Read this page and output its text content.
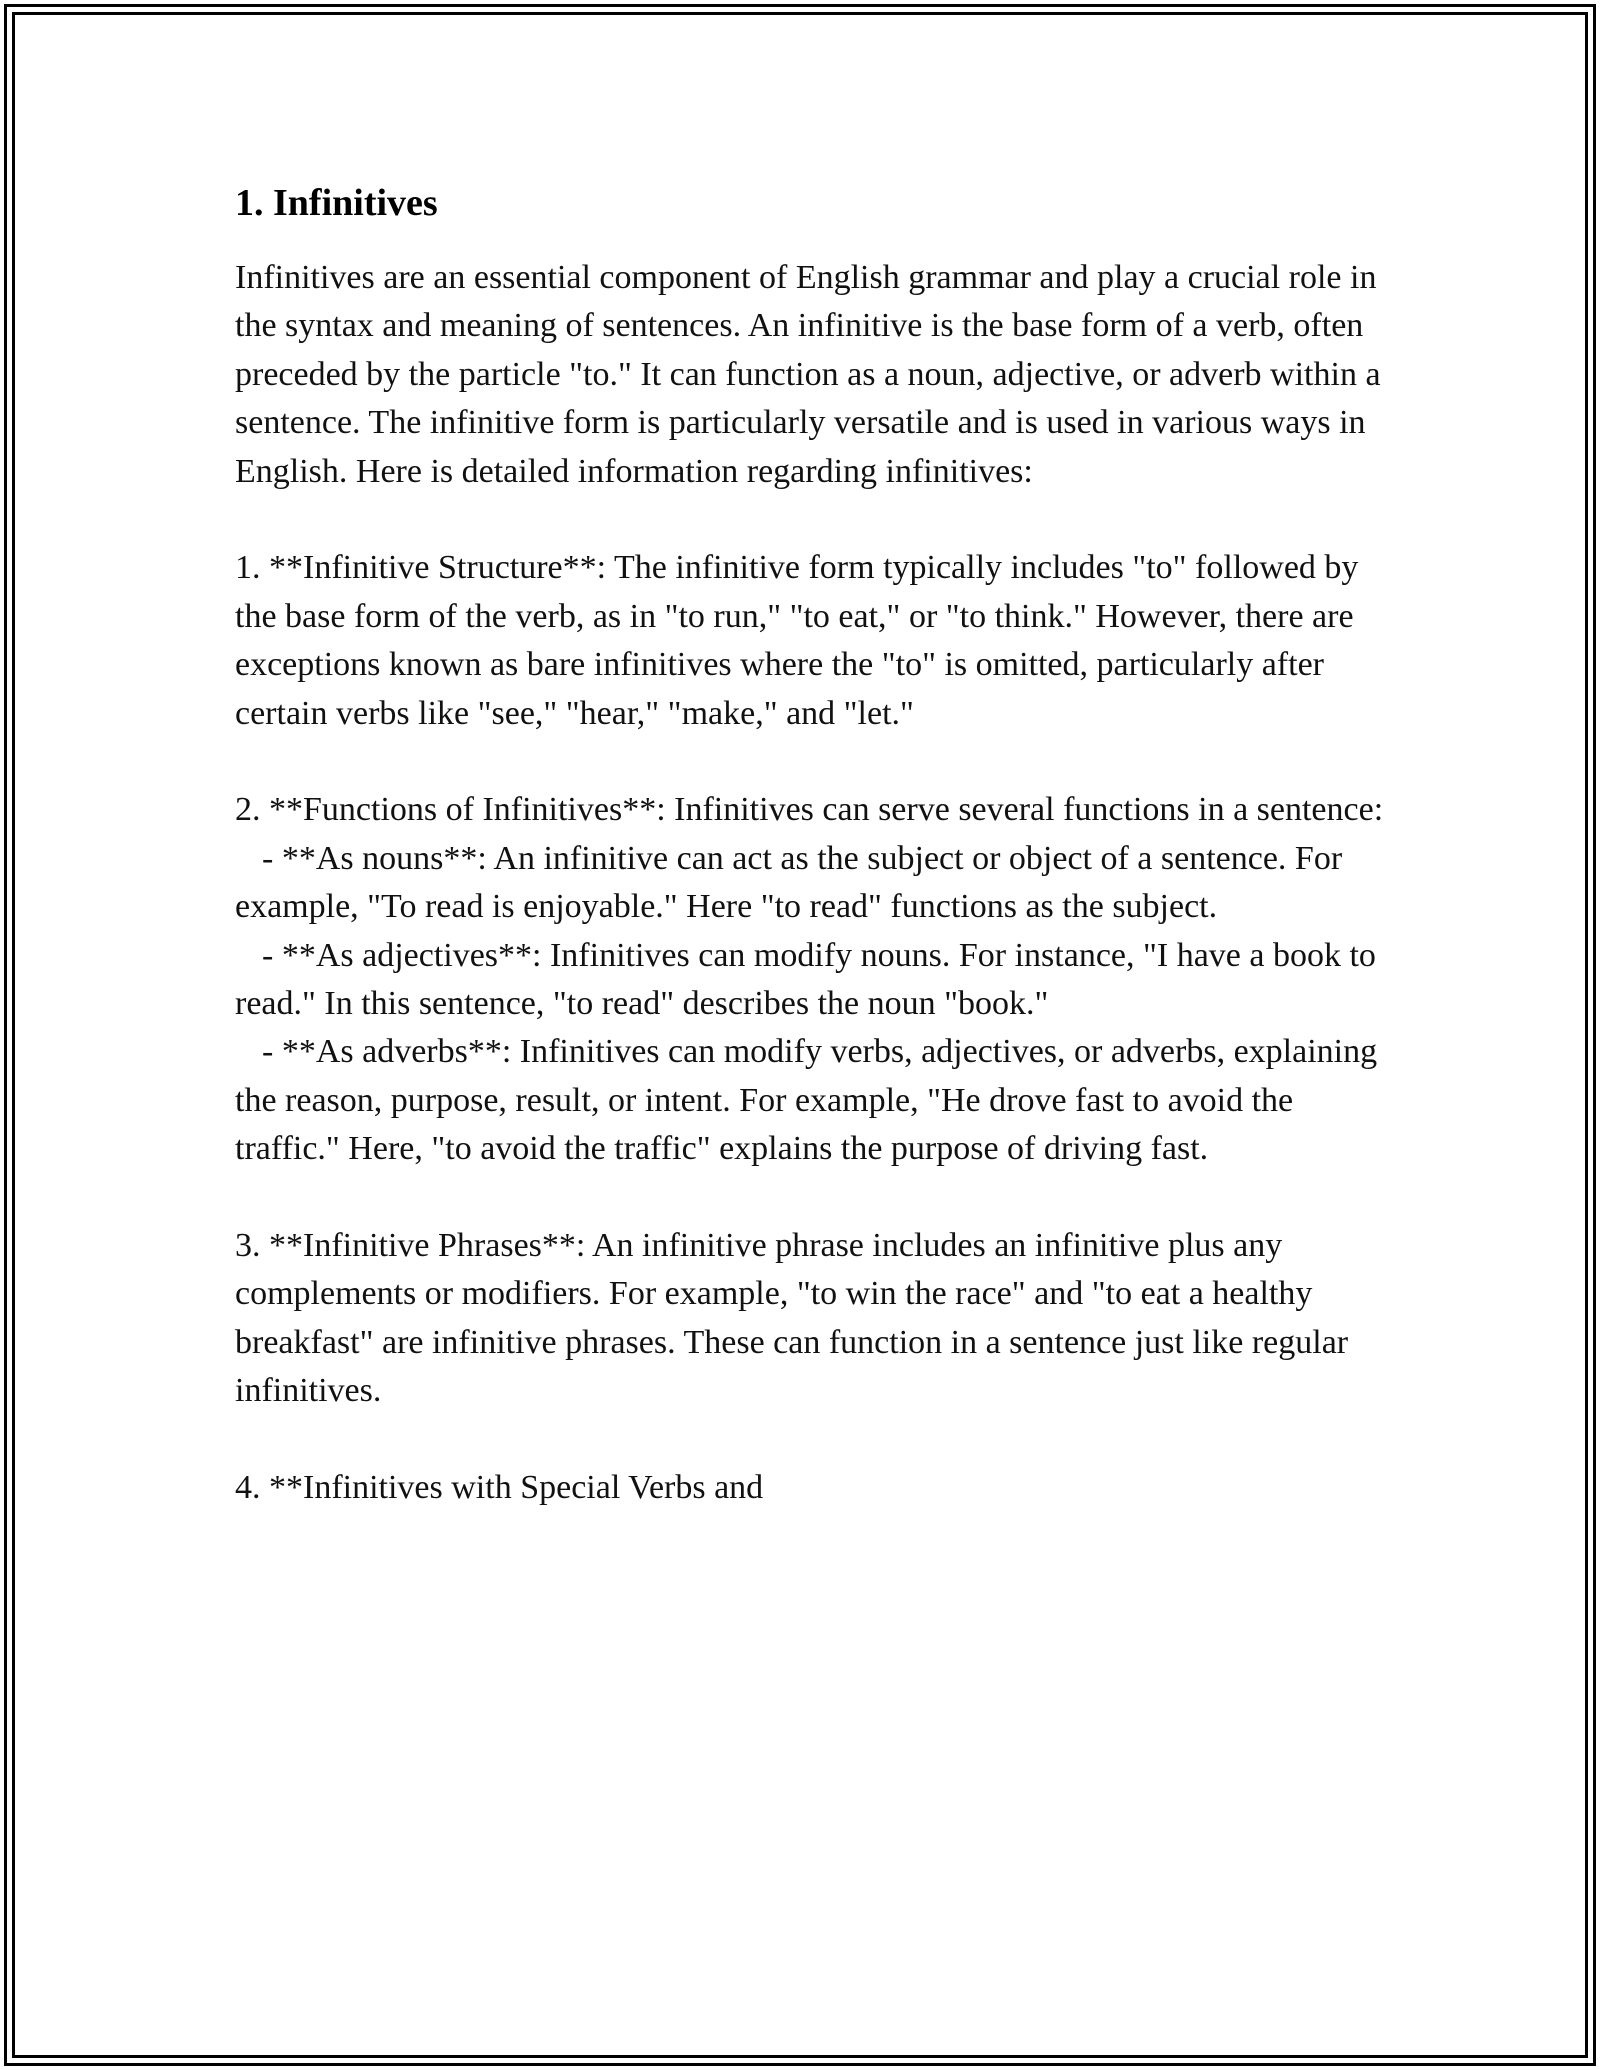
1. Infinitives

Infinitives are an essential component of English grammar and play a crucial role in the syntax and meaning of sentences. An infinitive is the base form of a verb, often preceded by the particle "to." It can function as a noun, adjective, or adverb within a sentence. The infinitive form is particularly versatile and is used in various ways in English. Here is detailed information regarding infinitives:

1. **Infinitive Structure**: The infinitive form typically includes "to" followed by the base form of the verb, as in "to run," "to eat," or "to think." However, there are exceptions known as bare infinitives where the "to" is omitted, particularly after certain verbs like "see," "hear," "make," and "let."

2. **Functions of Infinitives**: Infinitives can serve several functions in a sentence:

- **As nouns**: An infinitive can act as the subject or object of a sentence. For example, "To read is enjoyable." Here "to read" functions as the subject.

- **As adjectives**: Infinitives can modify nouns. For instance, "I have a book to read." In this sentence, "to read" describes the noun "book."

- **As adverbs**: Infinitives can modify verbs, adjectives, or adverbs, explaining the reason, purpose, result, or intent. For example, "He drove fast to avoid the traffic." Here, "to avoid the traffic" explains the purpose of driving fast.

3. **Infinitive Phrases**: An infinitive phrase includes an infinitive plus any complements or modifiers. For example, "to win the race" and "to eat a healthy breakfast" are infinitive phrases. These can function in a sentence just like regular infinitives.

4. **Infinitives with Special Verbs and
